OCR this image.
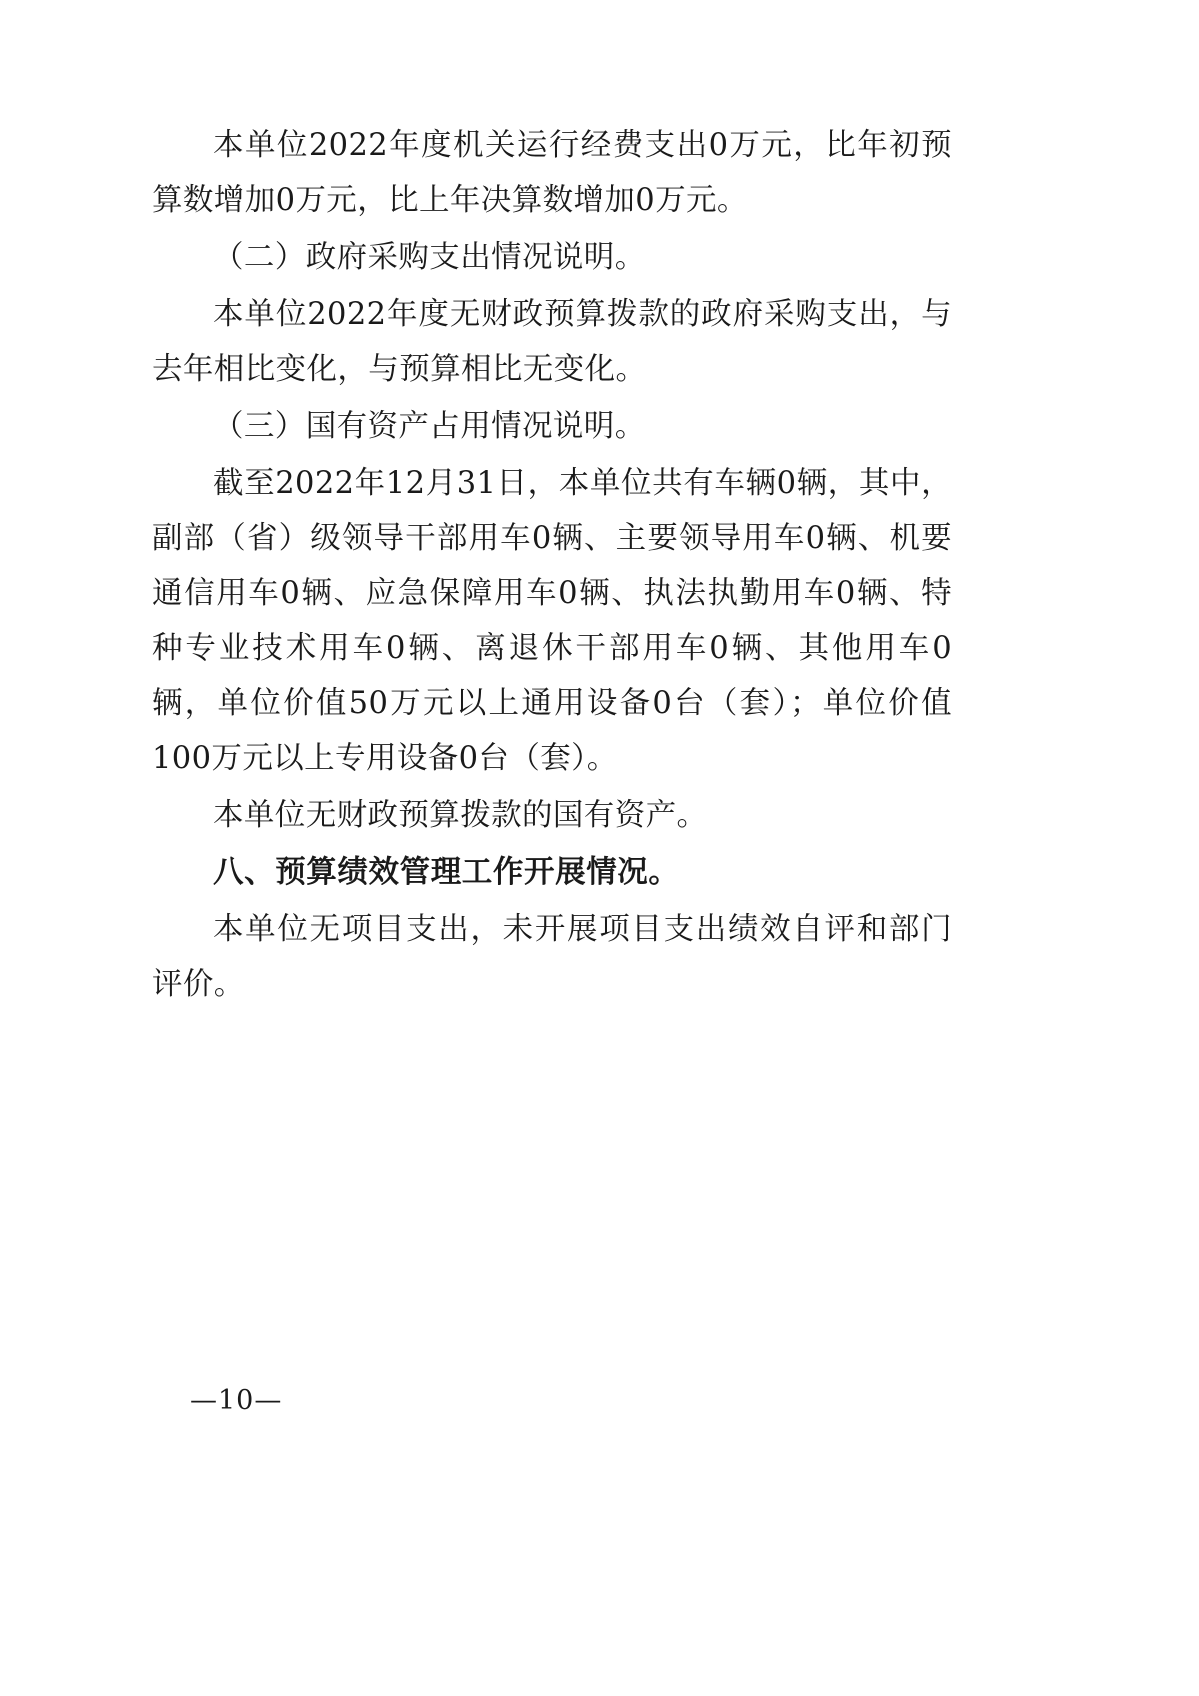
本单位2022年度机关运行经费支出0万元，比年初预算数增加0万元，比上年决算数增加0万元。

（二）政府采购支出情况说明。

本单位2022年度无财政预算拨款的政府采购支出，与去年相比变化，与预算相比无变化。

（三）国有资产占用情况说明。

截至2022年12月31日，本单位共有车辆0辆，其中，副部（省）级领导干部用车0辆、主要领导用车0辆、机要通信用车0辆、应急保障用车0辆、执法执勤用车0辆、特种专业技术用车0辆、离退休干部用车0辆、其他用车0辆，单位价值50万元以上通用设备0台（套）；单位价值100万元以上专用设备0台（套）。

本单位无财政预算拨款的国有资产。

八、预算绩效管理工作开展情况。

本单位无项目支出，未开展项目支出绩效自评和部门评价。

—10—
